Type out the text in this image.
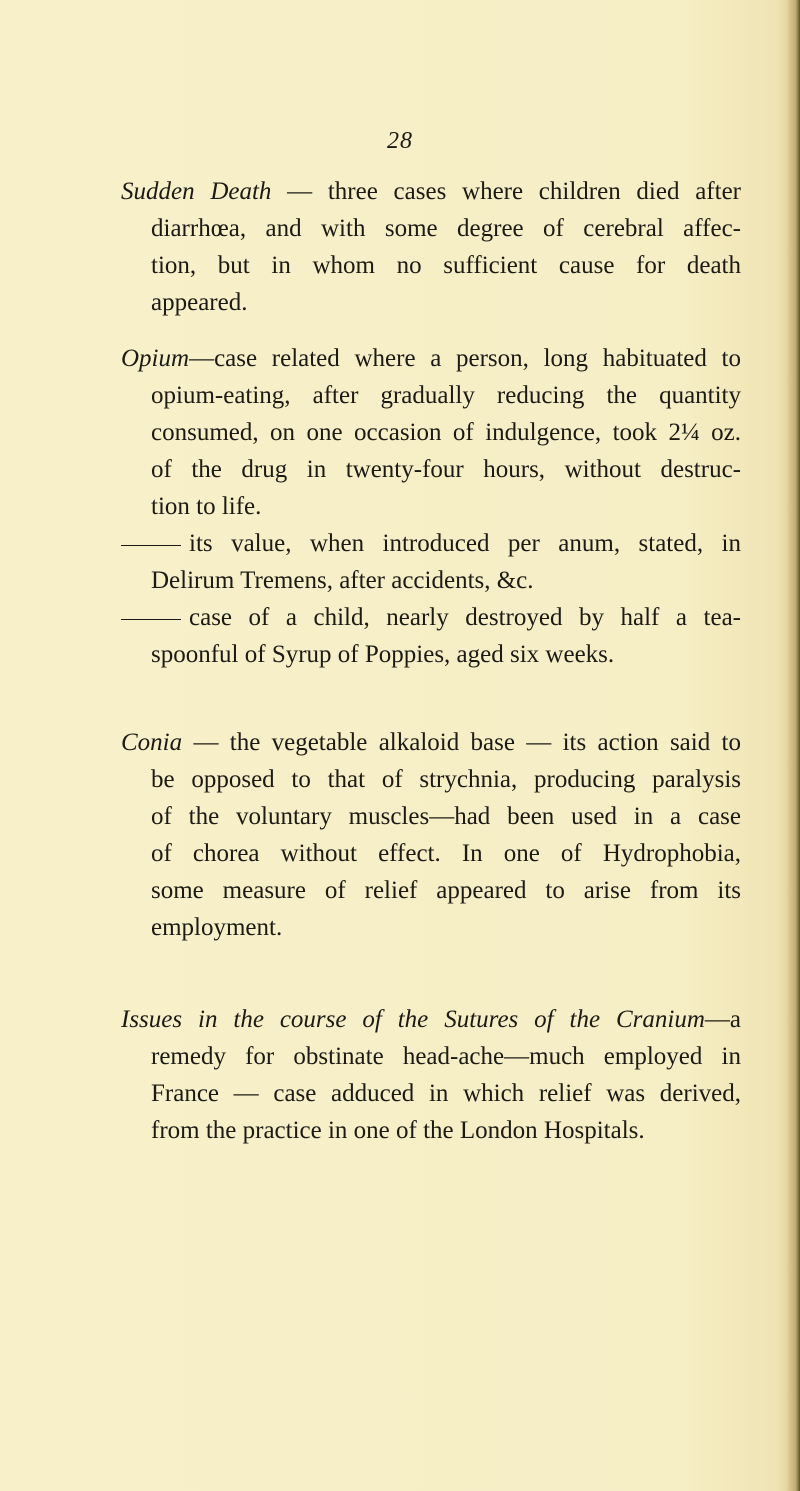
28
Sudden Death — three cases where children died after
diarrhœa, and with some degree of cerebral affec-
tion, but in whom no sufficient cause for death
appeared.
Opium—case related where a person, long habituated to
opium-eating, after gradually reducing the quantity
consumed, on one occasion of indulgence, took 2¼ oz.
of the drug in twenty-four hours, without destruc-
tion to life.
its value, when introduced per anum, stated, in
Delirum Tremens, after accidents, &c.
case of a child, nearly destroyed by half a tea-
spoonful of Syrup of Poppies, aged six weeks.
Conia — the vegetable alkaloid base — its action said to
be opposed to that of strychnia, producing paralysis
of the voluntary muscles—had been used in a case
of chorea without effect. In one of Hydrophobia,
some measure of relief appeared to arise from its
employment.
Issues in the course of the Sutures of the Cranium—a
remedy for obstinate head-ache—much employed in
France — case adduced in which relief was derived,
from the practice in one of the London Hospitals.
